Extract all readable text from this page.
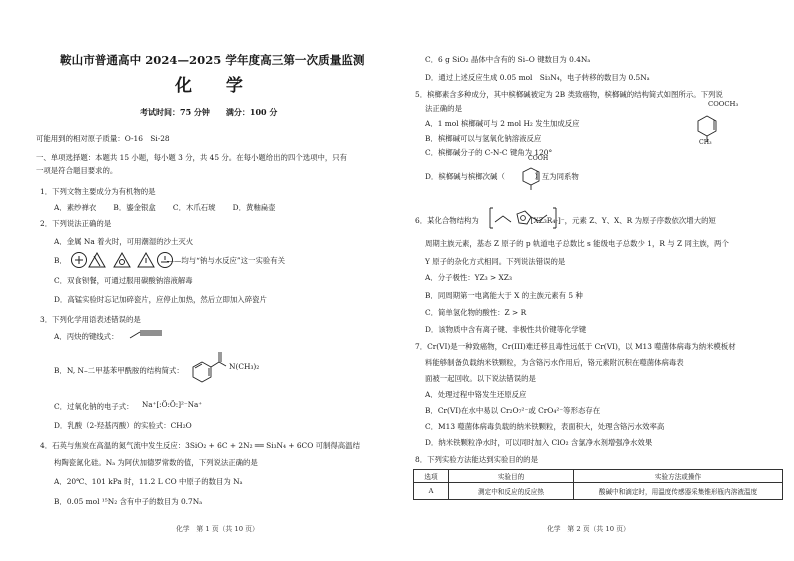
鞍山市普通高中 2024—2025 学年度高三第一次质量监测
化 学
考试时间：75 分钟　　满分：100 分
可能用到的相对原子质量：O-16　Si-28
一、单项选择题：本题共 15 小题，每小题 3 分，共 45 分。在每小题给出的四个选项中，只有
一项是符合题目要求的。
1．下列文物主要成分为有机物的是
A．素纱禅衣　　 B．鎏金银盒　　 C．木爪石琥　　 D．黄釉扁壶
2．下列说法正确的是
A．金属 Na 着火时，可用潮湿的沙土灭火
B．　　　　　　　　　　　　　　——均与“钠与水反应”这一实验有关
C．双食钡餐，可通过服用碳酸钠溶液解毒
D．高锰实验时忘记加碎瓷片，应停止加热，然后立即加入碎瓷片
3．下列化学用语表述错误的是
A．丙炔的键线式：
B．N, N–二甲基苯甲酰胺的结构简式：	N(CH₃)₂
C．过氧化钠的电子式： Na⁺[:Ö:Ö:]²⁻Na⁺
D．乳酸（2-羟基丙酸）的实验式：CH₂O
4．石英与焦炭在高温的氮气流中发生反应：3SiO₂ + 6C + 2N₂ ══ Si₃N₄ + 6CO 可制得高温结
构陶瓷氮化硅。Nₐ 为阿伏加德罗常数的值，下列说法正确的是
A．20℃、101 kPa 时，11.2 L CO 中原子的数目为 Nₐ
B．0.05 mol ¹⁵N₂ 含有中子的数目为 0.7Nₐ
化学　第 1 页（共 10 页）
C．6 g SiO₂ 晶体中含有的 Si–O 键数目为 0.4Nₐ
D．通过上述反应生成 0.05 mol　Si₃N₄，电子转移的数目为 0.5Nₐ
5．槟榔素含多种成分，其中槟榔碱被定为 2B 类致癌物，槟榔碱的结构简式如图所示。下列说
法正确的是
A．1 mol 槟榔碱可与 2 mol H₂ 发生加成反应
B．槟榔碱可以与氢氧化钠溶液反应
C．槟榔碱分子的 C-N-C 键角为 120°
D．槟榔碱与槟榔次碱（　　　　）互为同系物
COOCH₃
CH₃
COOH
6．某化合物结构为　　　　　　　[XZ₃R₄ᵣ]⁻，元素 Z、Y、X、R 为原子序数依次增大的短
周期主族元素，基态 Z 原子的 p 轨道电子总数比 s 能级电子总数少 1，R 与 Z 同主族，两个
Y 原子的杂化方式相同。下列说法错误的是
A．分子极性：YZ₃ > XZ₃
B．同周期第一电离能大于 X 的主族元素有 5 种
C．简单氢化物的酸性：Z > R
D．该物质中含有离子键、非极性共价键等化学键
7．Cr(VI)是一种致癌物，Cr(III)难迁移且毒性远低于 Cr(VI)，以 M13 噬菌体病毒为纳米模板材
料能够制备负载纳米铁颗粒，为含铬污水作用后，铬元素附沉积在噬菌体病毒表
面被一起回收。以下说法错误的是
A．处理过程中铬发生还原反应
B．Cr(VI)在水中易以 Cr₂O₇²⁻或 CrO₄²⁻等形态存在
C．M13 噬菌体病毒负载的纳米铁颗粒，表面积大，处理含铬污水效率高
D．纳米铁颗粒净水时，可以同时加入 ClO₂ 含氯净水剂增强净水效果
8．下列实验方法能达到实验目的的是
选项	实验目的	实验方法或操作
A	测定中和反应的反应热	酸碱中和滴定时，用温度传感器采集锥形瓶内溶液温度
化学　第 2 页（共 10 页）
